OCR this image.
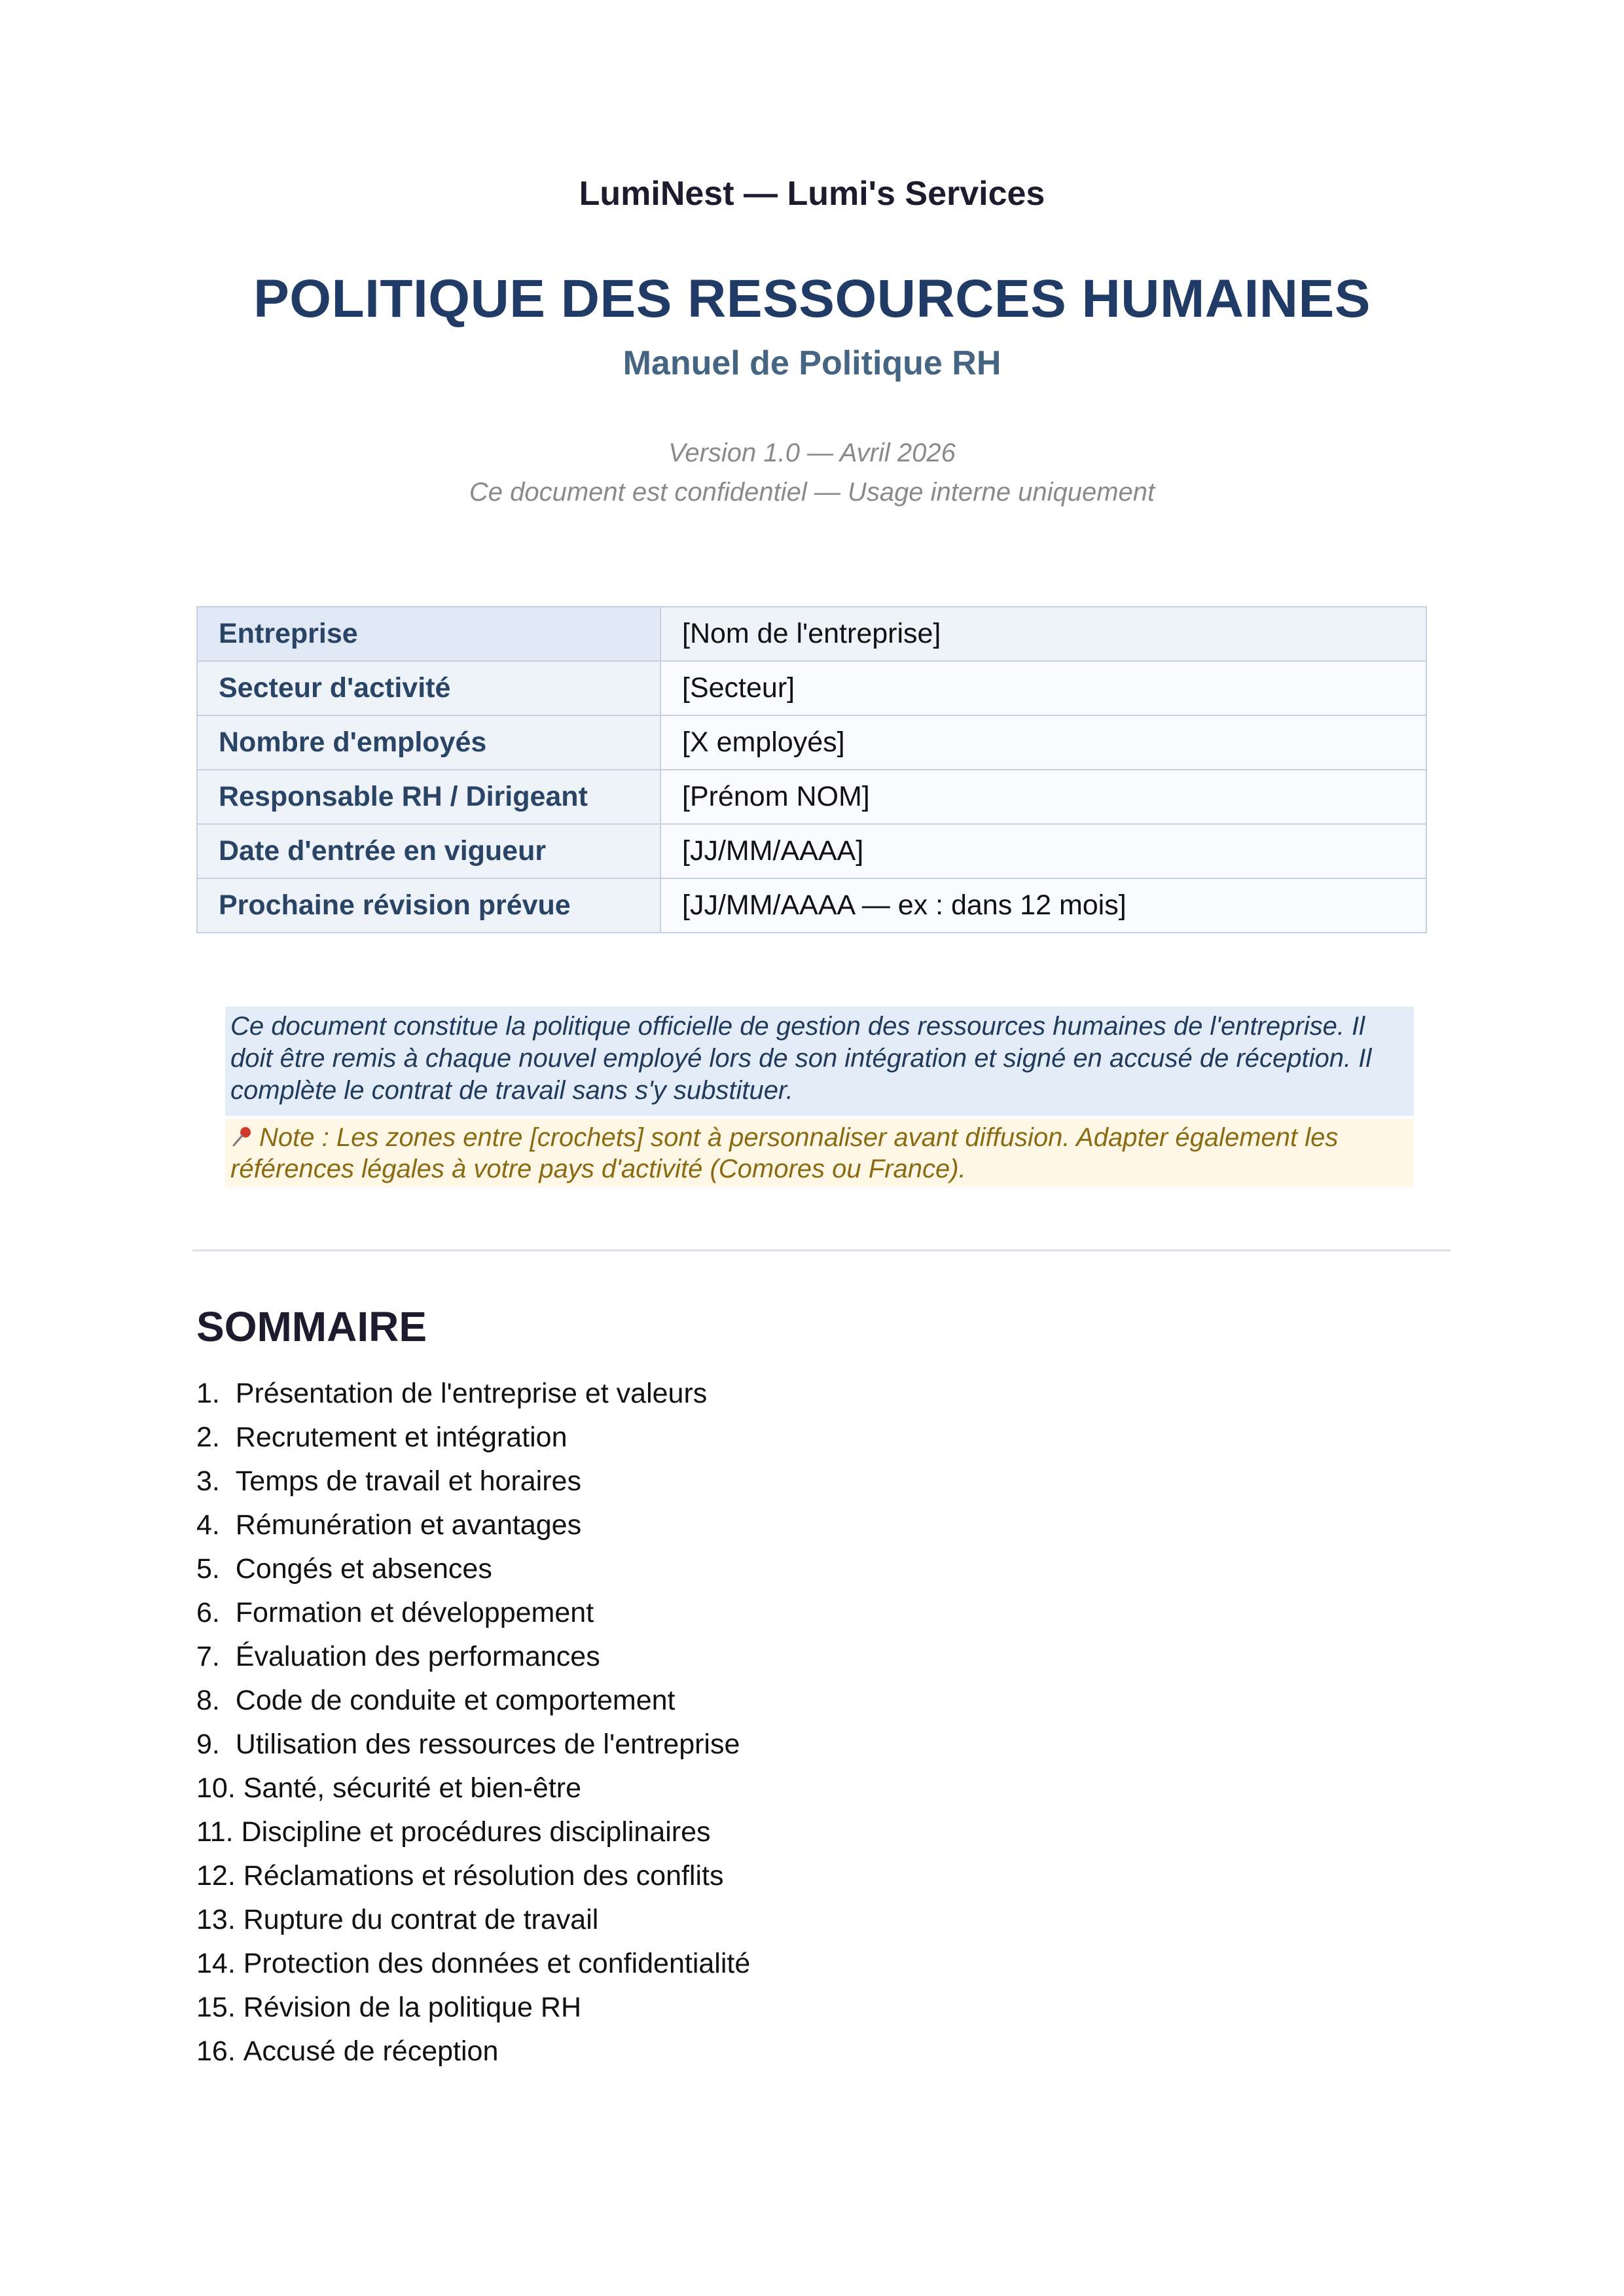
LumiNest — Lumi's Services
POLITIQUE DES RESSOURCES HUMAINES
Manuel de Politique RH
Version 1.0 — Avril 2026
Ce document est confidentiel — Usage interne uniquement
Entreprise	[Nom de l'entreprise]
Secteur d'activité	[Secteur]
Nombre d'employés	[X employés]
Responsable RH / Dirigeant	[Prénom NOM]
Date d'entrée en vigueur	[JJ/MM/AAAA]
Prochaine révision prévue	[JJ/MM/AAAA — ex : dans 12 mois]
Ce document constitue la politique officielle de gestion des ressources humaines de l'entreprise. Il doit être remis à chaque nouvel employé lors de son intégration et signé en accusé de réception. Il complète le contrat de travail sans s'y substituer.
Note : Les zones entre [crochets] sont à personnaliser avant diffusion. Adapter également les références légales à votre pays d'activité (Comores ou France).
SOMMAIRE
1. Présentation de l'entreprise et valeurs
2. Recrutement et intégration
3. Temps de travail et horaires
4. Rémunération et avantages
5. Congés et absences
6. Formation et développement
7. Évaluation des performances
8. Code de conduite et comportement
9. Utilisation des ressources de l'entreprise
10. Santé, sécurité et bien-être
11. Discipline et procédures disciplinaires
12. Réclamations et résolution des conflits
13. Rupture du contrat de travail
14. Protection des données et confidentialité
15. Révision de la politique RH
16. Accusé de réception
